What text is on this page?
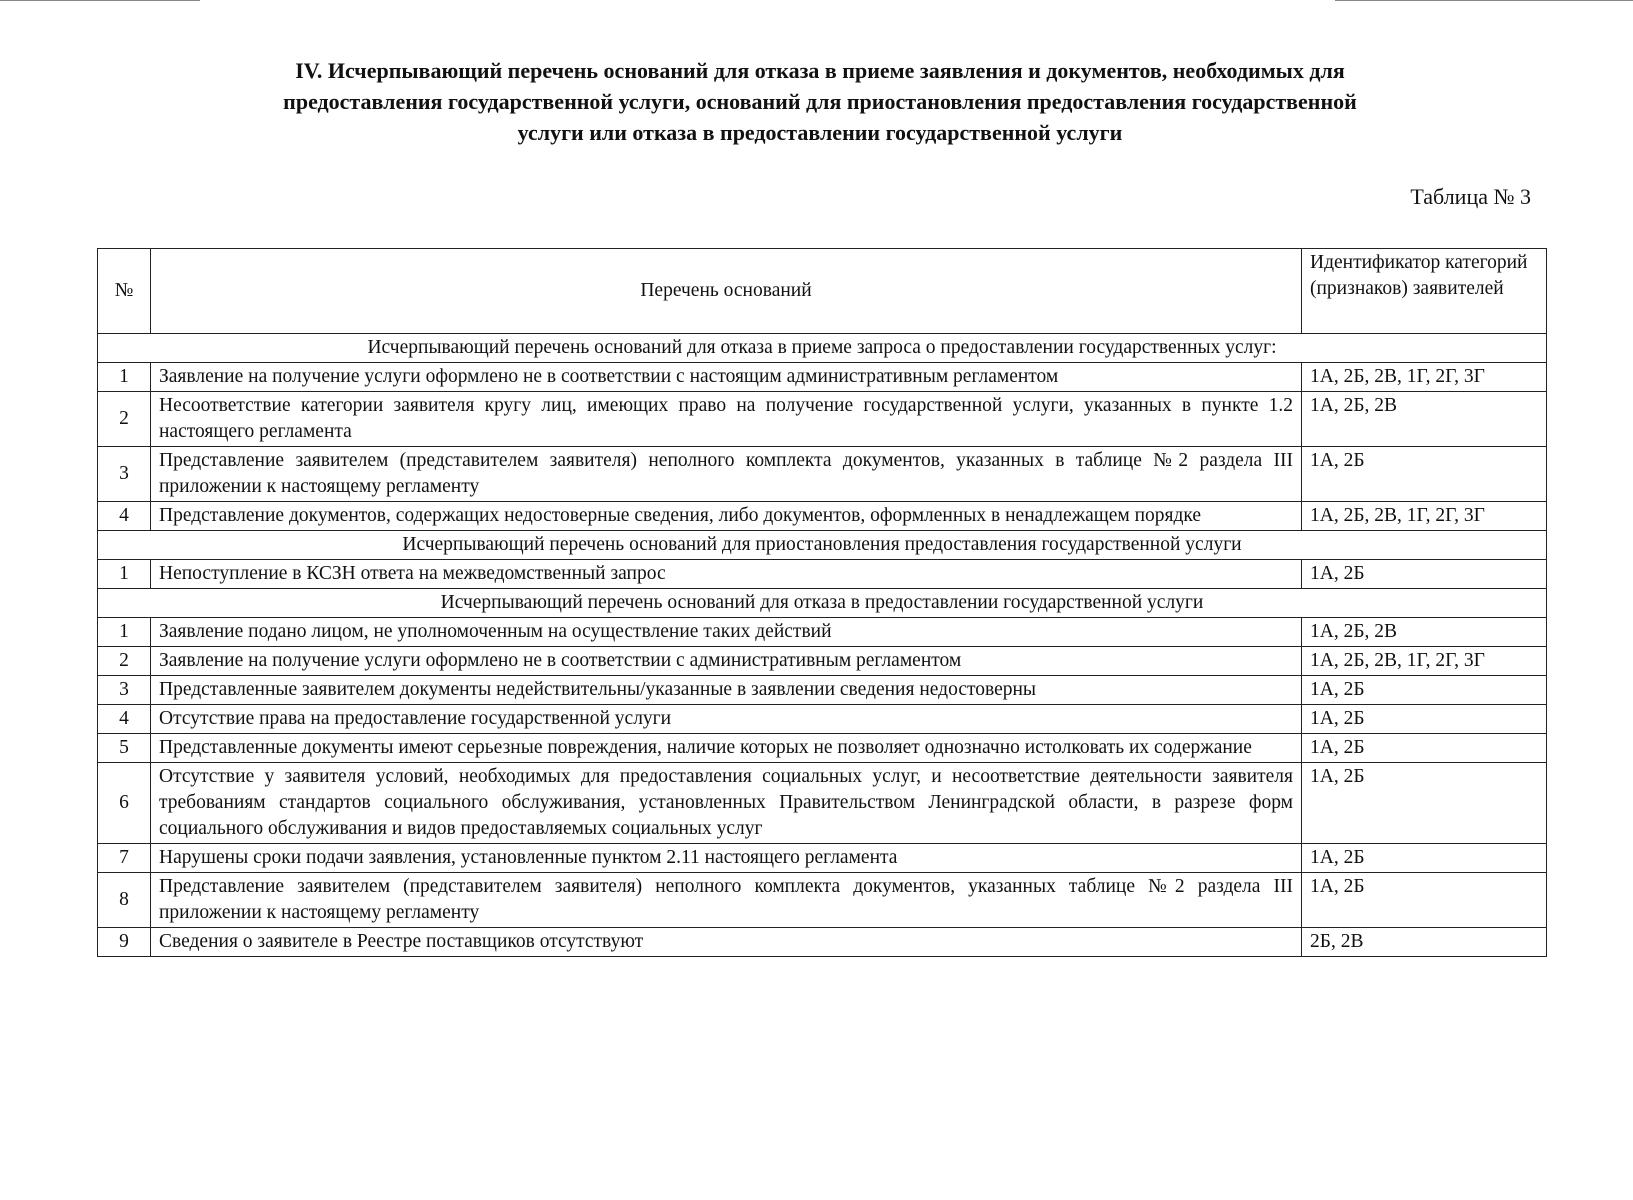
IV. Исчерпывающий перечень оснований для отказа в приеме заявления и документов, необходимых для
предоставления государственной услуги, оснований для приостановления предоставления государственной
услуги или отказа в предоставлении государственной услуги
Таблица № 3
№	Перечень оснований	Идентификатор категорий (признаков) заявителей
Исчерпывающий перечень оснований для отказа в приеме запроса о предоставлении государственных услуг:		
1	Заявление на получение услуги оформлено не в соответствии с настоящим административным регламентом	1А, 2Б, 2В, 1Г, 2Г, 3Г
2	Несоответствие категории заявителя кругу лиц, имеющих право на получение государственной услуги, указанных в пункте 1.2 настоящего регламента	1А, 2Б, 2В
3	Представление заявителем (представителем заявителя) неполного комплекта документов, указанных в таблице №2 раздела III приложении к настоящему регламенту	1А, 2Б
4	Представление документов, содержащих недостоверные сведения, либо документов, оформленных в ненадлежащем порядке	1А, 2Б, 2В, 1Г, 2Г, 3Г
Исчерпывающий перечень оснований для приостановления предоставления государственной услуги		
1	Непоступление в КСЗН ответа на межведомственный запрос	1А, 2Б
Исчерпывающий перечень оснований для отказа в предоставлении государственной услуги		
1	Заявление подано лицом, не уполномоченным на осуществление таких действий	1А, 2Б, 2В
2	Заявление на получение услуги оформлено не в соответствии с административным регламентом	1А, 2Б, 2В, 1Г, 2Г, 3Г
3	Представленные заявителем документы недействительны/указанные в заявлении сведения недостоверны	1А, 2Б
4	Отсутствие права на предоставление государственной услуги	1А, 2Б
5	Представленные документы имеют серьезные повреждения, наличие которых не позволяет однозначно истолковать их содержание	1А, 2Б
6	Отсутствие у заявителя условий, необходимых для предоставления социальных услуг, и несоответствие деятельности заявителя требованиям стандартов социального обслуживания, установленных Правительством Ленинградской области, в разрезе форм социального обслуживания и видов предоставляемых социальных услуг	1А, 2Б
7	Нарушены сроки подачи заявления, установленные пунктом 2.11 настоящего регламента	1А, 2Б
8	Представление заявителем (представителем заявителя) неполного комплекта документов, указанных таблице №2 раздела III приложении к настоящему регламенту	1А, 2Б
9	Сведения о заявителе в Реестре поставщиков отсутствуют	2Б, 2В
